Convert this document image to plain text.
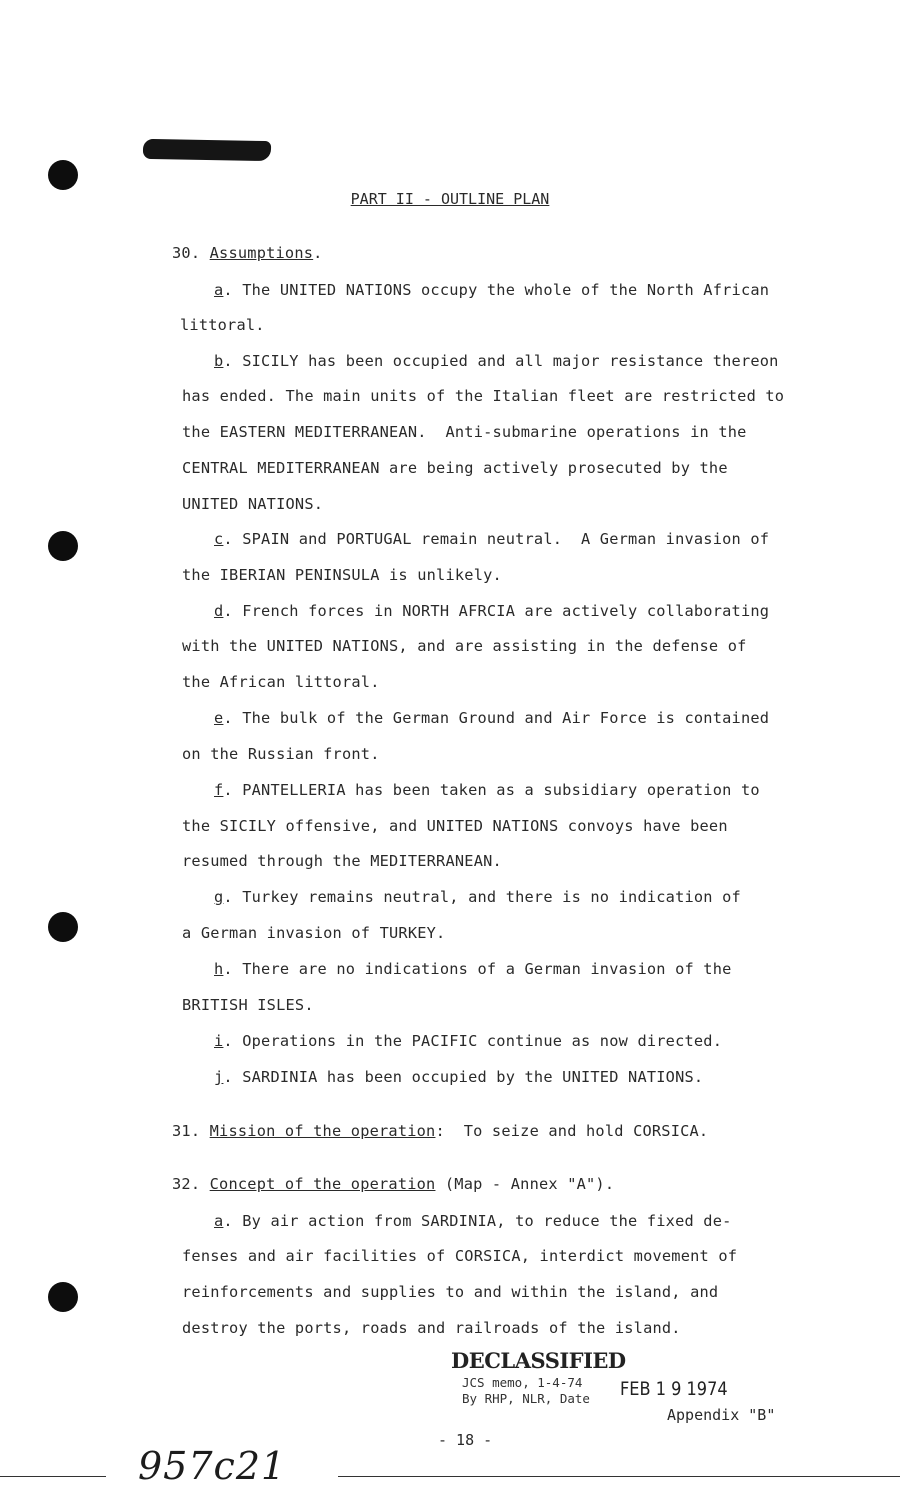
PART II - OUTLINE PLAN
30. Assumptions.
a. The UNITED NATIONS occupy the whole of the North African
littoral.
b. SICILY has been occupied and all major resistance thereon
has ended. The main units of the Italian fleet are restricted to
the EASTERN MEDITERRANEAN.  Anti-submarine operations in the
CENTRAL MEDITERRANEAN are being actively prosecuted by the
UNITED NATIONS.
c. SPAIN and PORTUGAL remain neutral.  A German invasion of
the IBERIAN PENINSULA is unlikely.
d. French forces in NORTH AFRCIA are actively collaborating
with the UNITED NATIONS, and are assisting in the defense of
the African littoral.
e. The bulk of the German Ground and Air Force is contained
on the Russian front.
f. PANTELLERIA has been taken as a subsidiary operation to
the SICILY offensive, and UNITED NATIONS convoys have been
resumed through the MEDITERRANEAN.
g. Turkey remains neutral, and there is no indication of
a German invasion of TURKEY.
h. There are no indications of a German invasion of the
BRITISH ISLES.
i. Operations in the PACIFIC continue as now directed.
j. SARDINIA has been occupied by the UNITED NATIONS.
31. Mission of the operation:  To seize and hold CORSICA.
32. Concept of the operation (Map - Annex "A").
a. By air action from SARDINIA, to reduce the fixed de-
fenses and air facilities of CORSICA, interdict movement of
reinforcements and supplies to and within the island, and
destroy the ports, roads and railroads of the island.
DECLASSIFIED
JCS memo, 1-4-74
By RHP, NLR, Date FEB 1 9 1974
Appendix "B"
- 18 -
957c21
